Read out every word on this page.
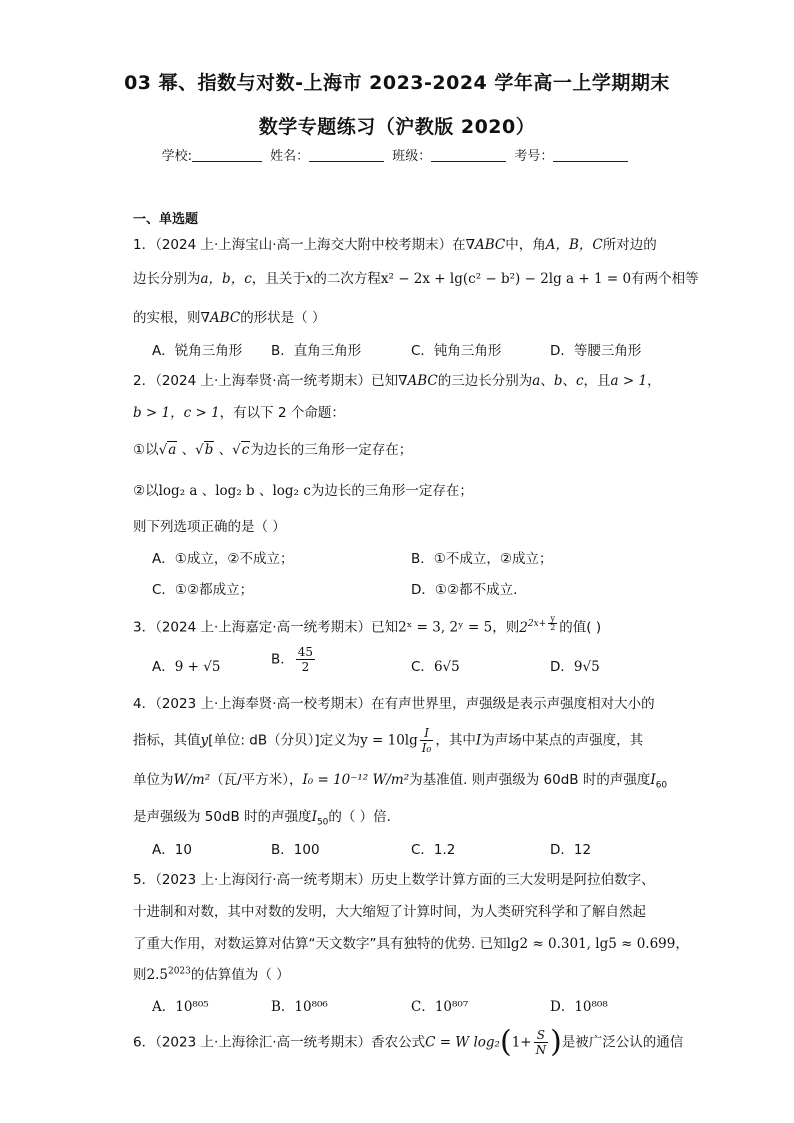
03 幂、指数与对数-上海市 2023-2024 学年高一上学期期末
数学专题练习（沪教版 2020）
学校:	姓名：	班级：	考号：
一、单选题
1．（2024 上·上海宝山·高一上海交大附中校考期末）在∇ABC中，角A，B，C所对边的
边长分别为a，b，c，且关于x的二次方程x² − 2x + lg(c² − b²) − 2lg a + 1 = 0有两个相等
的实根，则∇ABC的形状是（ ）
A．锐角三角形 B．直角三角形	C．钝角三角形	D．等腰三角形
2．（2024 上·上海奉贤·高一统考期末）已知∇ABC的三边长分别为a、b、c，且a > 1，
b > 1，c > 1，有以下 2 个命题：
①以√a 、√b 、√c为边长的三角形一定存在；
②以log₂ a 、log₂ b 、log₂ c为边长的三角形一定存在；
则下列选项正确的是（ ）
A．①成立，②不成立；	B．①不成立，②成立；
C．①②都成立；	D．①②都不成立.
3．（2024 上·上海嘉定·高一统考期末）已知2ˣ = 3, 2ʸ = 5，则$2^{2x+ \frac{y}{2}}$ 的值( )
A．9 + √5	B． $\frac{45}{2}$	C．6√5	D．9√5
4．（2023 上·上海奉贤·高一校考期末）在有声世界里，声强级是表示声强度相对大小的
指标，其值y[单位: dB（分贝）]定义为$y = 10\lg \frac{I}{\text{I₀}}$ ，其中I为声场中某点的声强度，其
单位为W/m²（瓦/平方米），I₀ = 10⁻¹² W/m²为基准值. 则声强级为 60dB 时的声强度$I_{60}$
是声强级为 50dB 时的声强度$I_{50}$的（ ）倍.
A．10	B．100	C．1.2	D．12
5．（2023 上·上海闵行·高一统考期末）历史上数学计算方面的三大发明是阿拉伯数字、
十进制和对数，其中对数的发明，大大缩短了计算时间，为人类研究科学和了解自然起
了重大作用，对数运算对估算“天文数字”具有独特的优势. 已知lg2 ≈ 0.301, lg5 ≈ 0.699，
则$2.5^{2023}$的估算值为（ ）
A．10⁸⁰⁵	B．10⁸⁰⁶	C．10⁸⁰⁷	D．10⁸⁰⁸
6．（2023 上·上海徐汇·高一统考期末）香农公式C = W $\log_2(1+ \frac{S}{N}$ )是被广泛公认的通信
